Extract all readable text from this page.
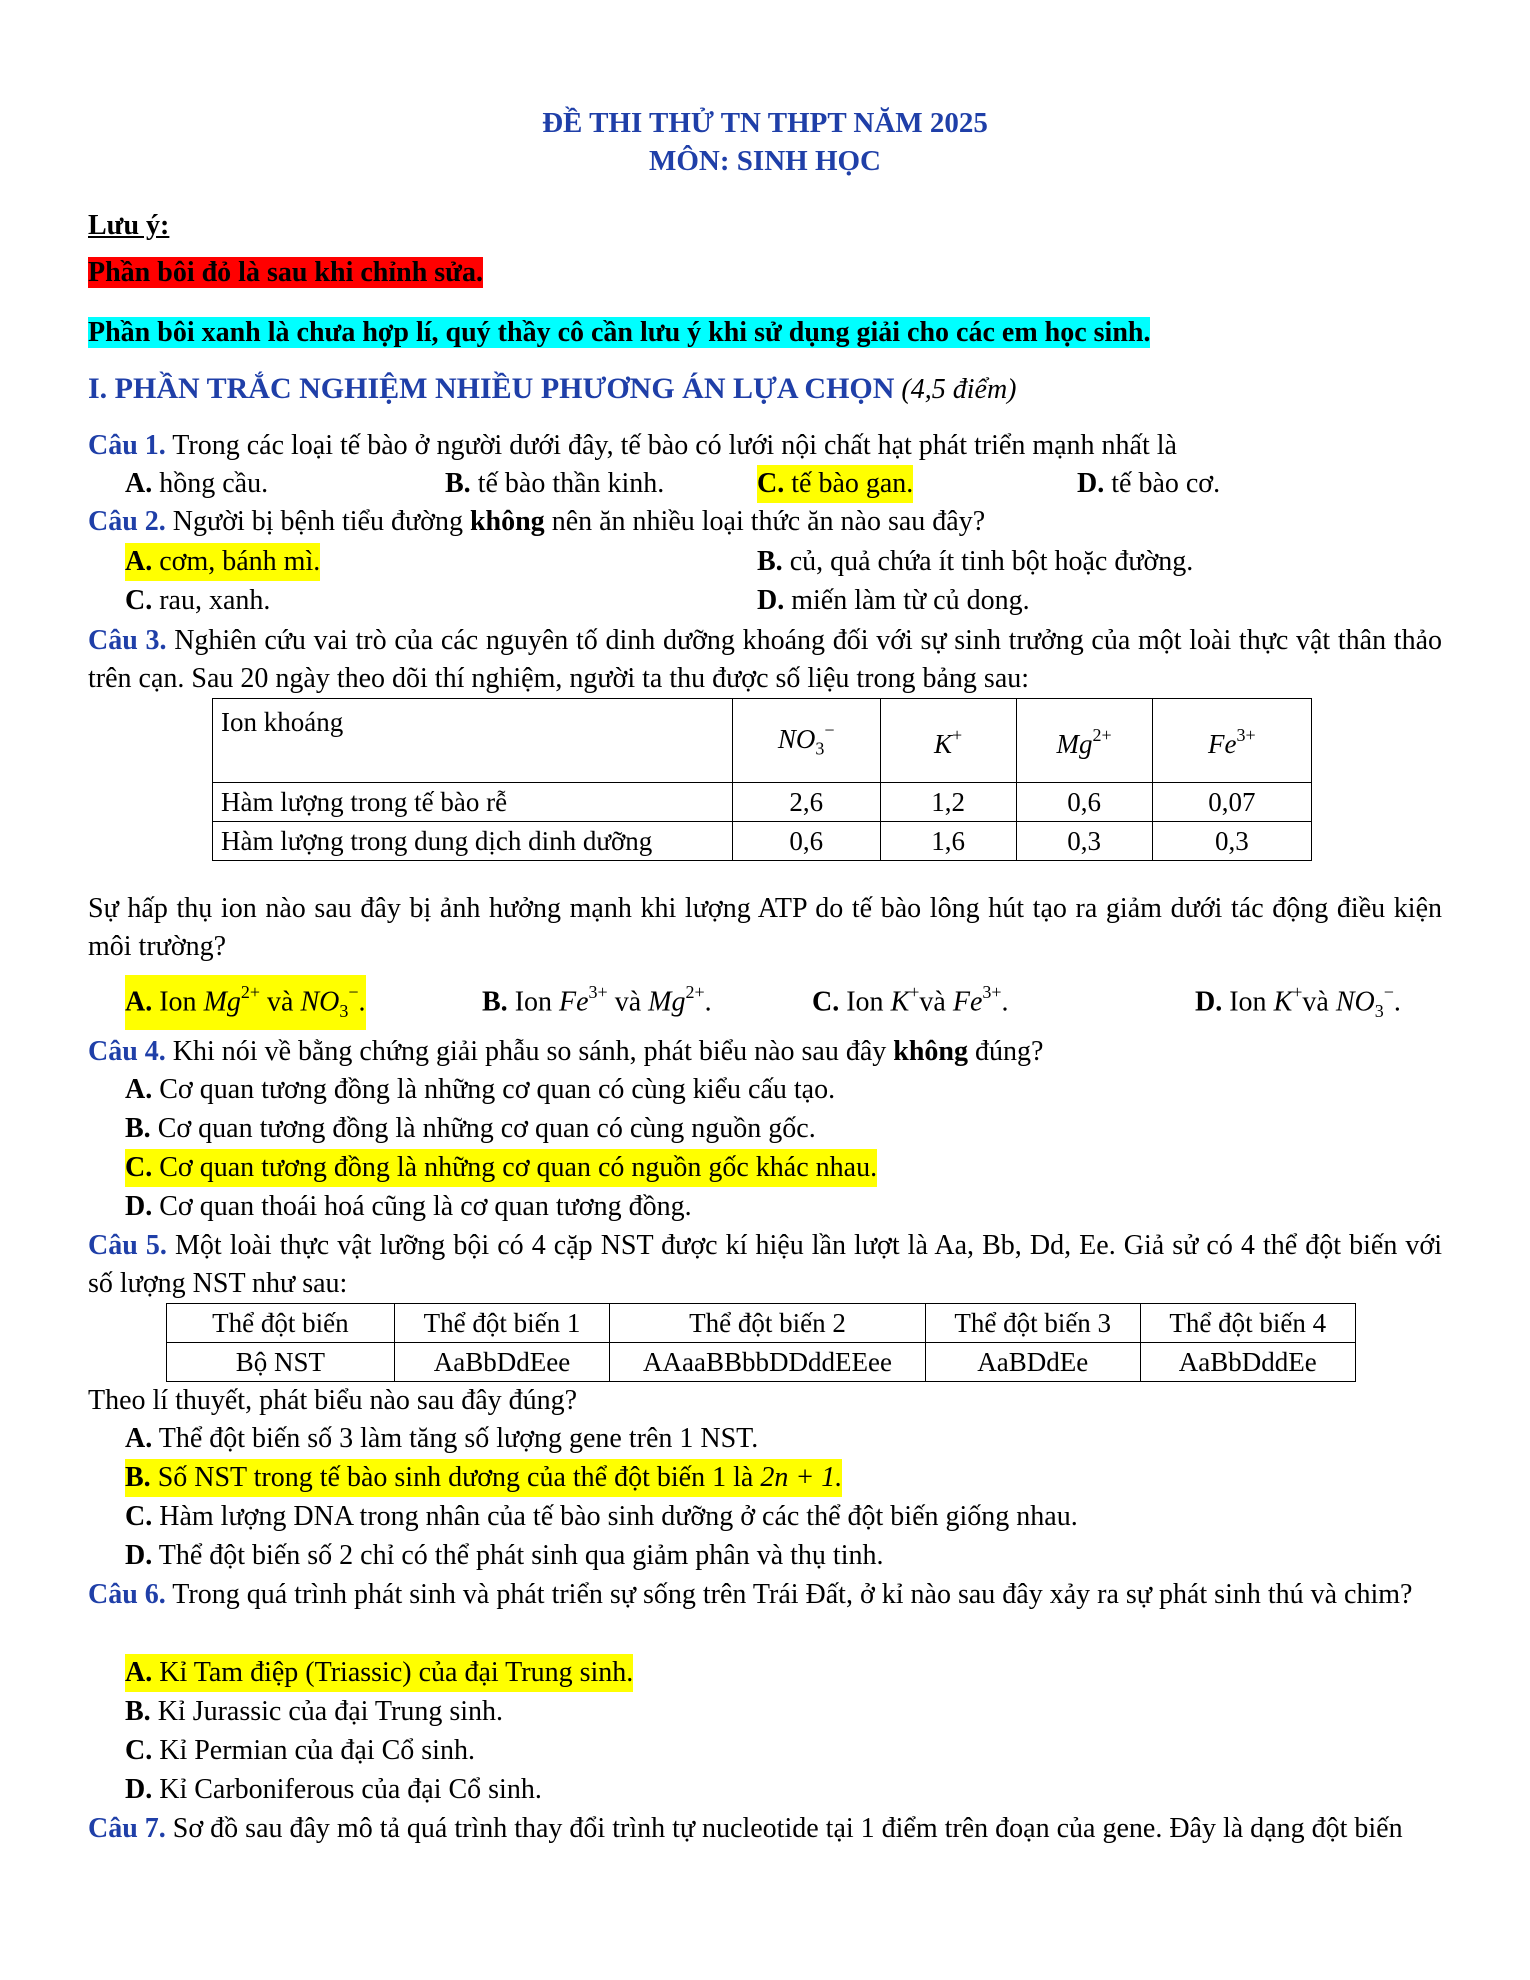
ĐỀ THI THỬ TN THPT NĂM 2025
MÔN: SINH HỌC
Lưu ý:
Phần bôi đỏ là sau khi chỉnh sửa.
Phần bôi xanh là chưa hợp lí, quý thầy cô cần lưu ý khi sử dụng giải cho các em học sinh.
I. PHẦN TRẮC NGHIỆM NHIỀU PHƯƠNG ÁN LỰA CHỌN (4,5 điểm)
Câu 1. Trong các loại tế bào ở người dưới đây, tế bào có lưới nội chất hạt phát triển mạnh nhất là
A. hồng cầu.	B. tế bào thần kinh.	C. tế bào gan.	D. tế bào cơ.
Câu 2. Người bị bệnh tiểu đường không nên ăn nhiều loại thức ăn nào sau đây?
A. cơm, bánh mì.	B. củ, quả chứa ít tinh bột hoặc đường.
C. rau, xanh.	D. miến làm từ củ dong.
Câu 3. Nghiên cứu vai trò của các nguyên tố dinh dưỡng khoáng đối với sự sinh trưởng của một loài thực vật thân thảo trên cạn. Sau 20 ngày theo dõi thí nghiệm, người ta thu được số liệu trong bảng sau:
Ion khoáng	$NO_3^-$	K+	$Mg^{2+}$	$Fe^{3+}$
Hàm lượng trong tế bào rễ	2,6	1,2	0,6	0,07
Hàm lượng trong dung dịch dinh dưỡng	0,6	1,6	0,3	0,3
Sự hấp thụ ion nào sau đây bị ảnh hưởng mạnh khi lượng ATP do tế bào lông hút tạo ra giảm dưới tác động điều kiện môi trường?
A. Ion $Mg^{2+}$ và $NO_3^-$.	B. Ion $Fe^{3+}$ và $Mg^{2+}$.	C. Ion K+và $Fe^{3+}$.	D. Ion K+và $NO_3^-$.
Câu 4. Khi nói về bằng chứng giải phẫu so sánh, phát biểu nào sau đây không đúng?
A. Cơ quan tương đồng là những cơ quan có cùng kiểu cấu tạo.
B. Cơ quan tương đồng là những cơ quan có cùng nguồn gốc.
C. Cơ quan tương đồng là những cơ quan có nguồn gốc khác nhau.
D. Cơ quan thoái hoá cũng là cơ quan tương đồng.
Câu 5. Một loài thực vật lưỡng bội có 4 cặp NST được kí hiệu lần lượt là Aa, Bb, Dd, Ee. Giả sử có 4 thể đột biến với số lượng NST như sau:
Thể đột biến	Thể đột biến 1	Thể đột biến 2	Thể đột biến 3	Thể đột biến 4
Bộ NST	AaBbDdEee	AAaaBBbbDDddEEee	AaBDdEe	AaBbDddEe
Theo lí thuyết, phát biểu nào sau đây đúng?
A. Thể đột biến số 3 làm tăng số lượng gene trên 1 NST.
B. Số NST trong tế bào sinh dương của thể đột biến 1 là 2n + 1.
C. Hàm lượng DNA trong nhân của tế bào sinh dưỡng ở các thể đột biến giống nhau.
D. Thể đột biến số 2 chỉ có thể phát sinh qua giảm phân và thụ tinh.
Câu 6. Trong quá trình phát sinh và phát triển sự sống trên Trái Đất, ở kỉ nào sau đây xảy ra sự phát sinh thú và chim?
A. Kỉ Tam điệp (Triassic) của đại Trung sinh.
B. Kỉ Jurassic của đại Trung sinh.
C. Kỉ Permian của đại Cổ sinh.
D. Kỉ Carboniferous của đại Cổ sinh.
Câu 7. Sơ đồ sau đây mô tả quá trình thay đổi trình tự nucleotide tại 1 điểm trên đoạn của gene. Đây là dạng đột biến
